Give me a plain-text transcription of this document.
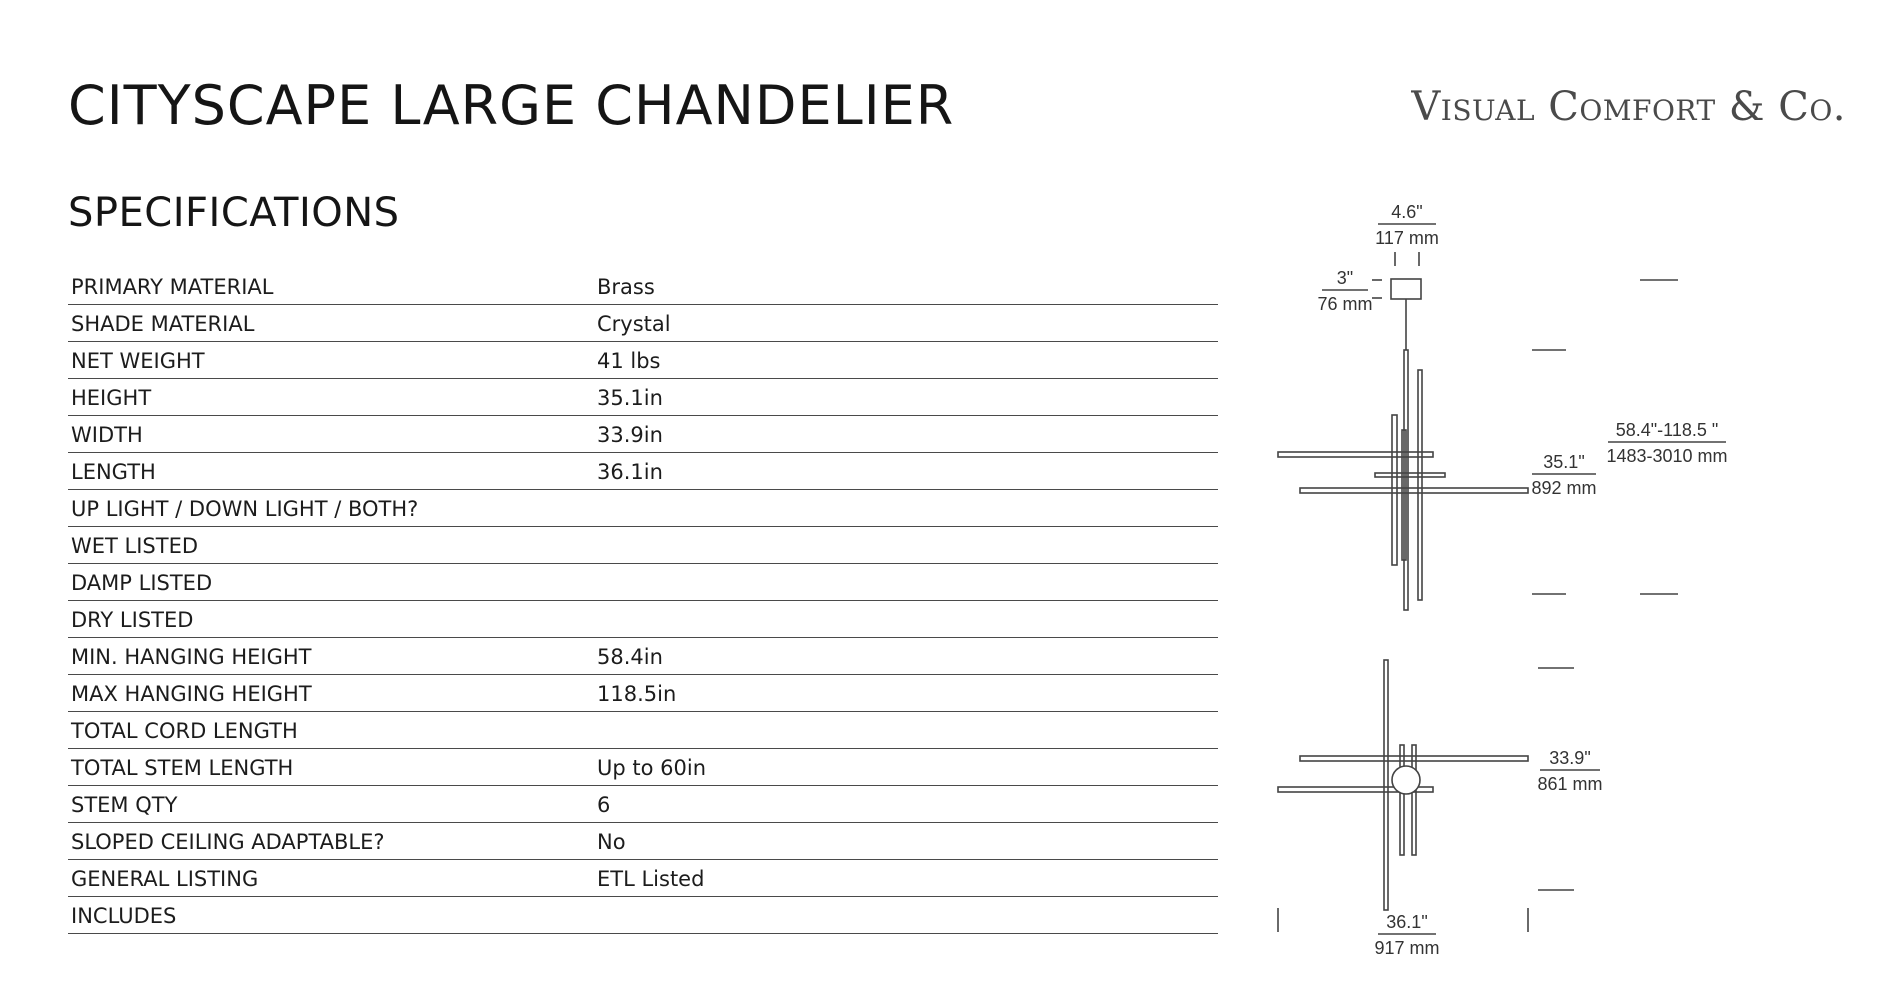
CITYSCAPE LARGE CHANDELIER	Visual Comfort & Co.
SPECIFICATIONS
PRIMARY MATERIAL	Brass
SHADE MATERIAL	Crystal
NET WEIGHT	41 lbs
HEIGHT	35.1in
WIDTH	33.9in
LENGTH	36.1in
UP LIGHT / DOWN LIGHT / BOTH?	
WET LISTED	
DAMP LISTED	
DRY LISTED	
MIN. HANGING HEIGHT	58.4in
MAX HANGING HEIGHT	118.5in
TOTAL CORD LENGTH	
TOTAL STEM LENGTH	Up to 60in
STEM QTY	6
SLOPED CEILING ADAPTABLE?	No
GENERAL LISTING	ETL Listed
INCLUDES	
4.6"
117 mm
3"
76 mm
35.1"
892 mm
58.4"-118.5 "
1483-3010 mm
33.9"
861 mm
36.1"
917 mm
